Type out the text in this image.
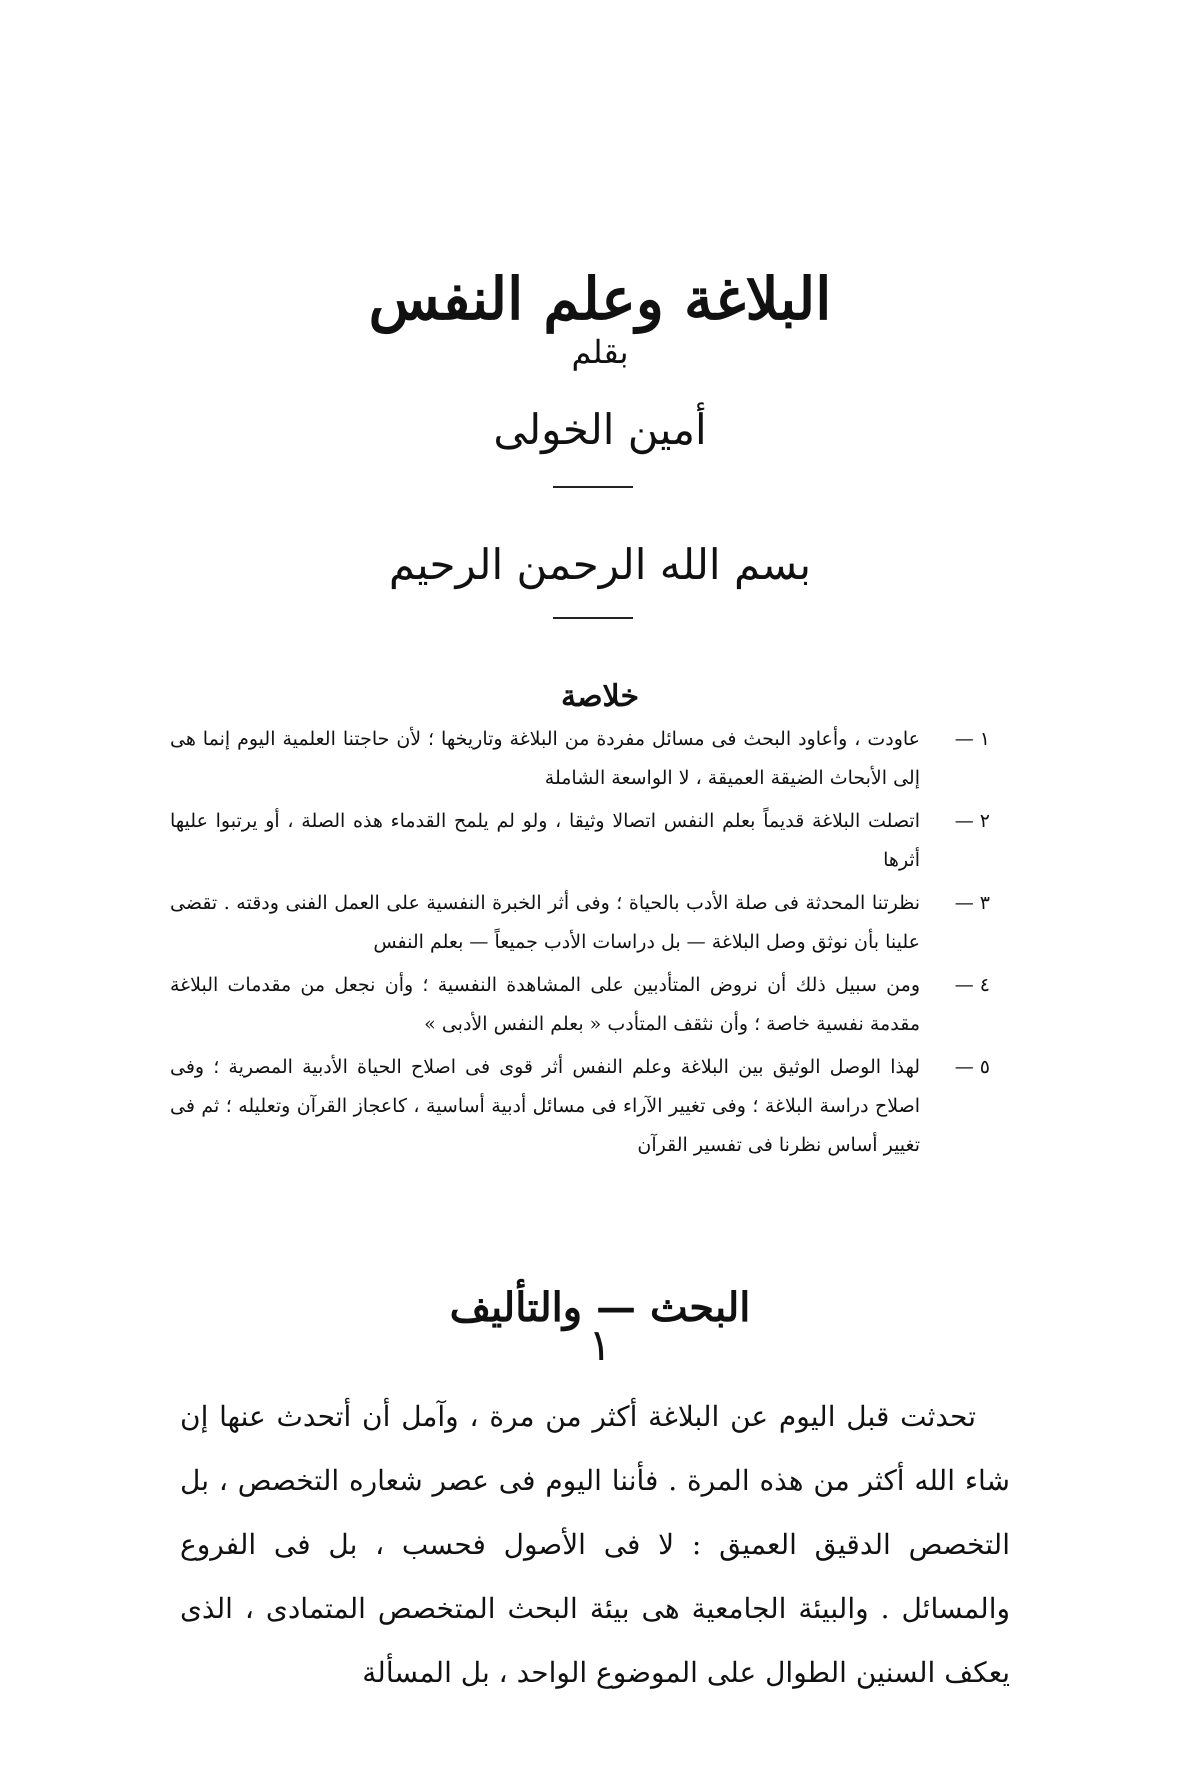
البلاغة وعلم النفس
بقلم
أمين الخولى
بسم الله الرحمن الرحيم
خلاصة
١ —
عاودت ، وأعاود البحث فى مسائل مفردة من البلاغة وتاريخها ؛ لأن حاجتنا العلمية اليوم إنما هى إلى الأبحاث الضيقة العميقة ، لا الواسعة الشاملة
٢ —
اتصلت البلاغة قديماً بعلم النفس اتصالا وثيقا ، ولو لم يلمح القدماء هذه الصلة ، أو يرتبوا عليها أثرها
٣ —
نظرتنا المحدثة فى صلة الأدب بالحياة ؛ وفى أثر الخبرة النفسية على العمل الفنى ودقته . تقضى علينا بأن نوثق وصل البلاغة — بل دراسات الأدب جميعاً — بعلم النفس
٤ —
ومن سبيل ذلك أن نروض المتأدبين على المشاهدة النفسية ؛ وأن نجعل من مقدمات البلاغة مقدمة نفسية خاصة ؛ وأن نثقف المتأدب « بعلم النفس الأدبى »
٥ —
لهذا الوصل الوثيق بين البلاغة وعلم النفس أثر قوى فى اصلاح الحياة الأدبية المصرية ؛ وفى اصلاح دراسة البلاغة ؛ وفى تغيير الآراء فى مسائل أدبية أساسية ، كاعجاز القرآن وتعليله ؛ ثم فى تغيير أساس نظرنا فى تفسير القرآن
البحث — والتأليف
١

تحدثت قبل اليوم عن البلاغة أكثر من مرة ، وآمل أن أتحدث عنها إن شاء الله أكثر من هذه المرة . فأننا اليوم فى عصر شعاره التخصص ، بل التخصص الدقيق العميق : لا فى الأصول فحسب ، بل فى الفروع والمسائل . والبيئة الجامعية هى بيئة البحث المتخصص المتمادى ، الذى يعكف السنين الطوال على الموضوع الواحد ، بل المسألة
